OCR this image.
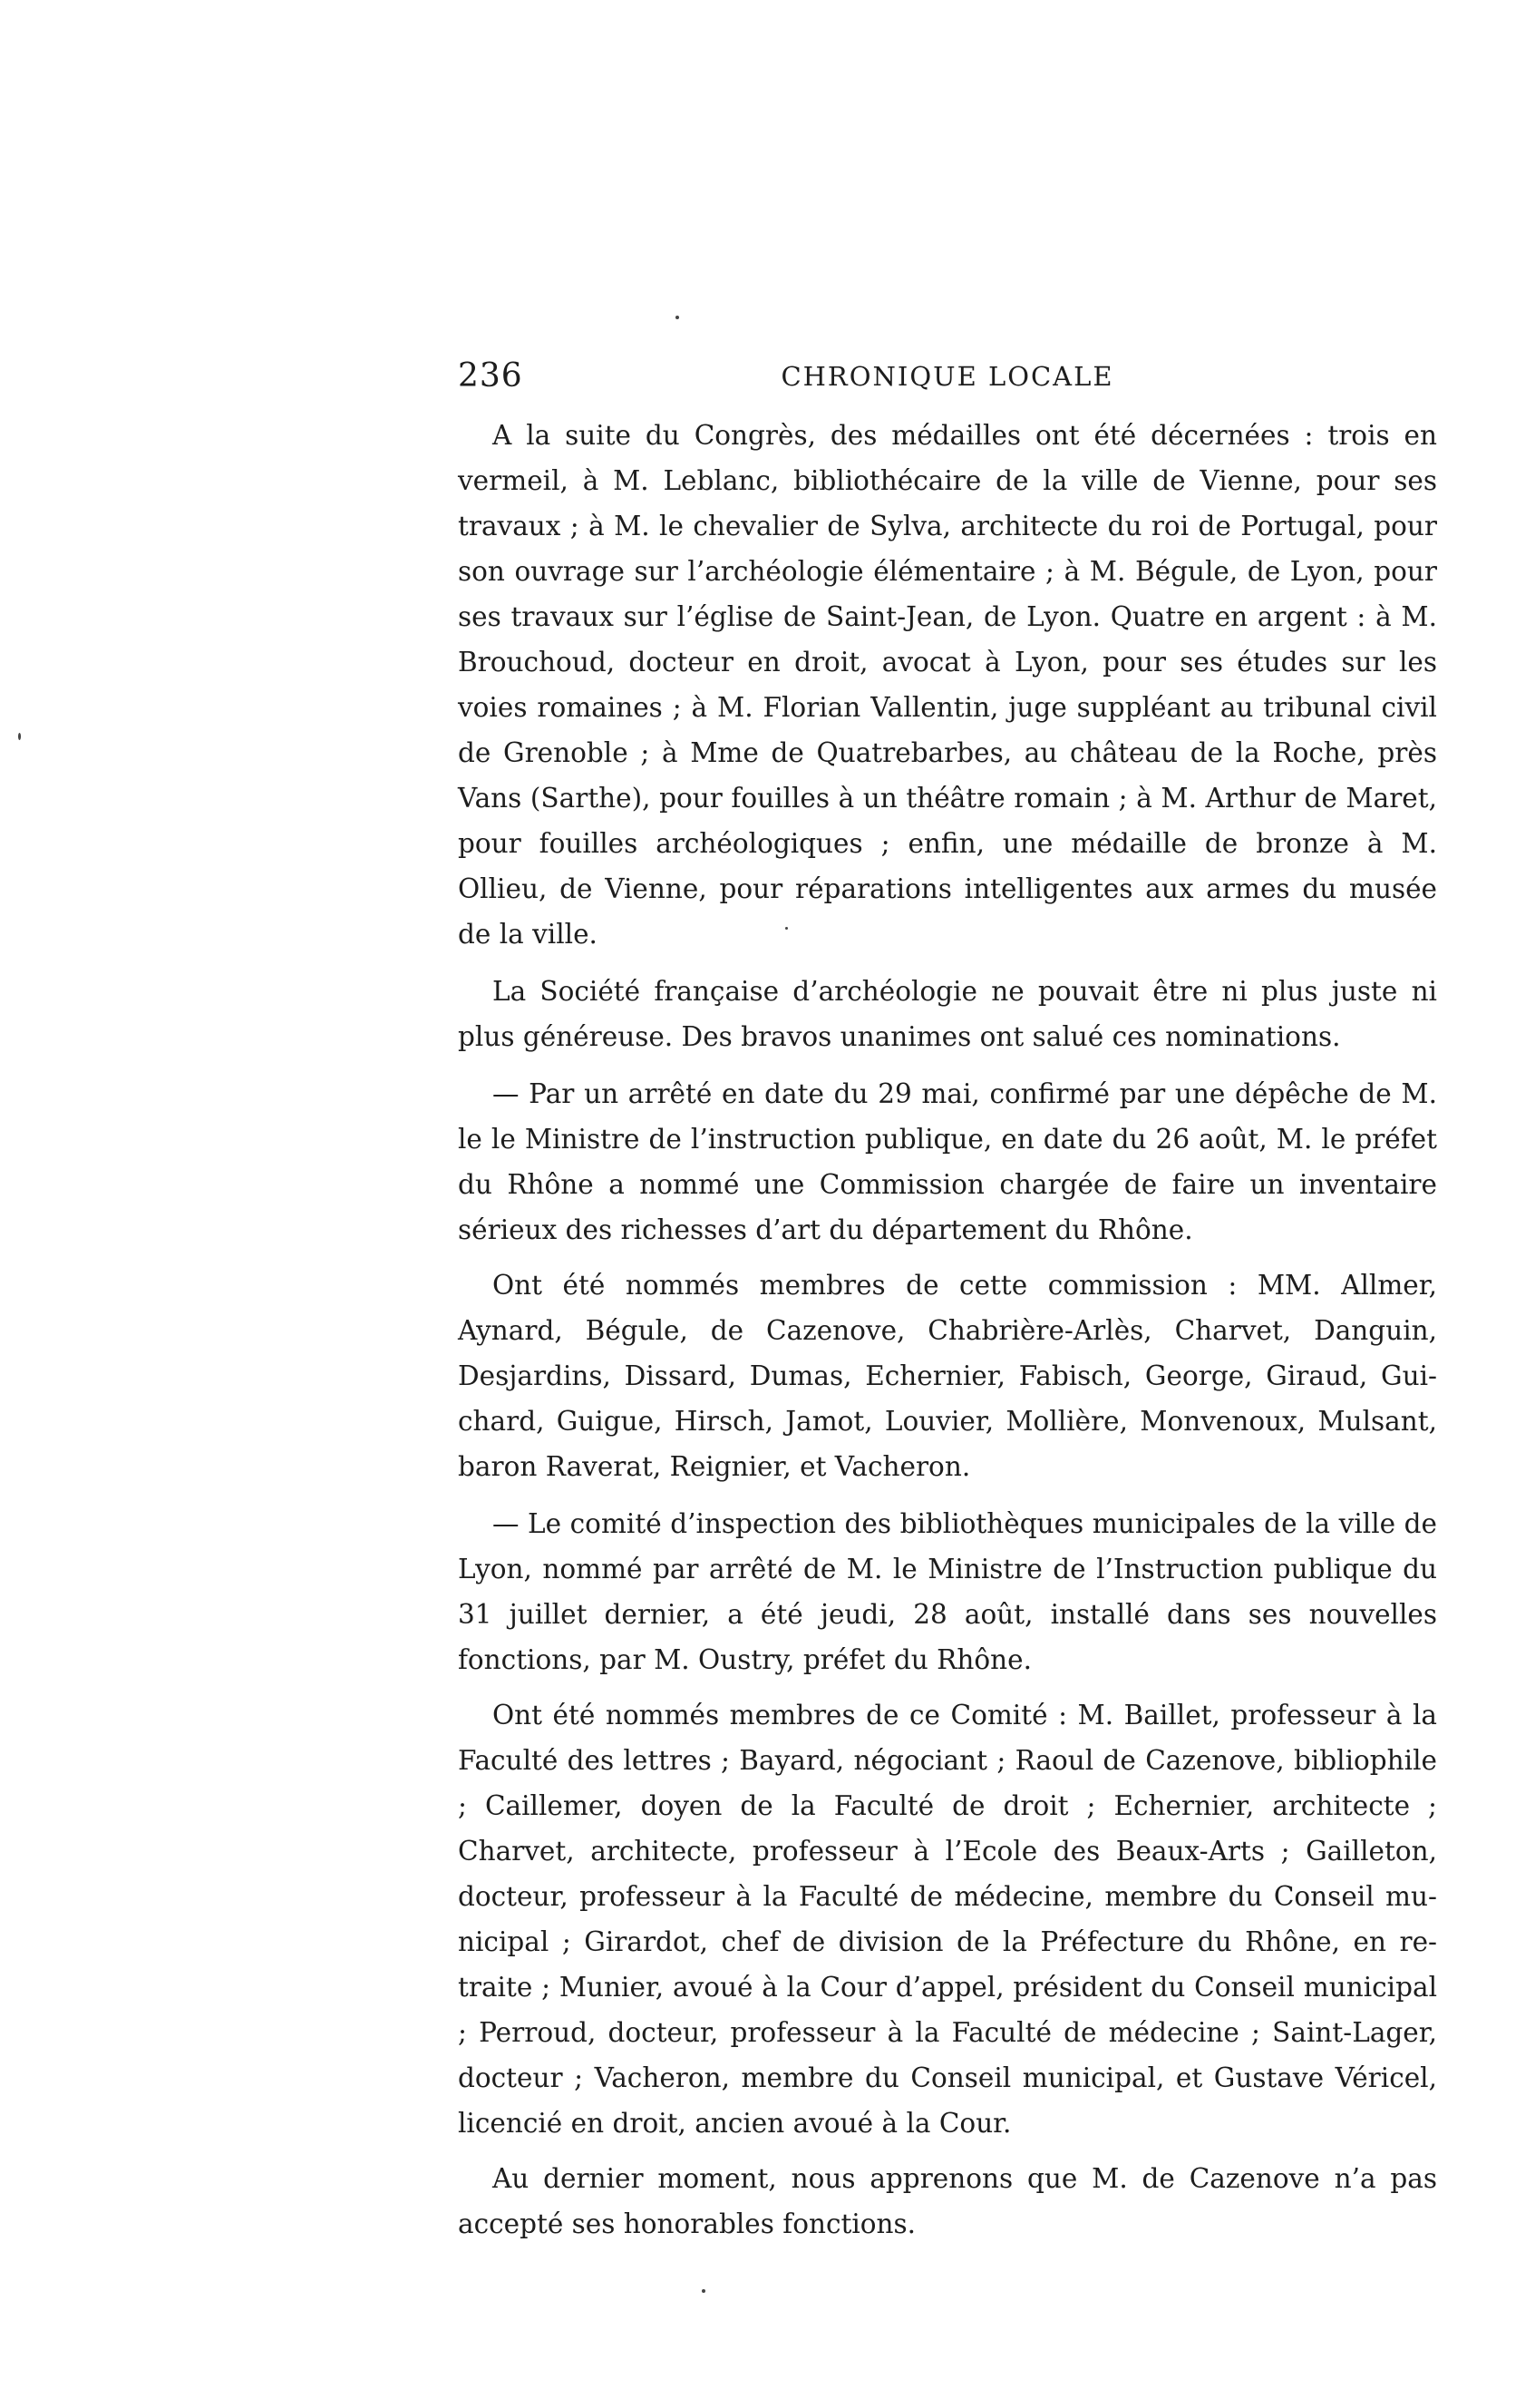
236	CHRONIQUE LOCALE

A la suite du Congrès, des médailles ont été décernées : trois en vermeil, à M. Leblanc, bibliothécaire de la ville de Vienne, pour ses travaux ; à M. le chevalier de Sylva, architecte du roi de Portugal, pour son ouvrage sur l’archéologie élémentaire ; à M. Bégule, de Lyon, pour ses travaux sur l’église de Saint-Jean, de Lyon. Quatre en argent : à M. Brouchoud, docteur en droit, avocat à Lyon, pour ses études sur les voies romaines ; à M. Florian Vallentin, juge suppléant au tribunal civil de Grenoble ; à Mme de Quatrebarbes, au château de la Roche, près Vans (Sarthe), pour fouilles à un théâtre romain ; à M. Arthur de Maret, pour fouilles archéologiques ; enfin, une médaille de bronze à M. Ollieu, de Vienne, pour réparations intelligentes aux armes du musée de la ville.

La Société française d’archéologie ne pouvait être ni plus juste ni plus généreuse. Des bravos unanimes ont salué ces nominations.

— Par un arrêté en date du 29 mai, confirmé par une dépêche de M. le le Ministre de l’instruction publique, en date du 26 août, M. le préfet du Rhône a nommé une Commission chargée de faire un inventaire sérieux des richesses d’art du département du Rhône.

Ont été nommés membres de cette commission : MM. Allmer, Aynard, Bégule, de Cazenove, Chabrière-Arlès, Charvet, Danguin, Desjardins, Dissard, Dumas, Echernier, Fabisch, George, Giraud, Guichard, Guigue, Hirsch, Jamot, Louvier, Mollière, Monvenoux, Mulsant, baron Raverat, Reignier, et Vacheron.

— Le comité d’inspection des bibliothèques municipales de la ville de Lyon, nommé par arrêté de M. le Ministre de l’Instruction publique du 31 juillet dernier, a été jeudi, 28 août, installé dans ses nouvelles fonctions, par M. Oustry, préfet du Rhône.

Ont été nommés membres de ce Comité : M. Baillet, professeur à la Faculté des lettres ; Bayard, négociant ; Raoul de Cazenove, bibliophile ; Caillemer, doyen de la Faculté de droit ; Echernier, architecte ; Charvet, architecte, professeur à l’Ecole des Beaux-Arts ; Gailleton, docteur, professeur à la Faculté de médecine, membre du Conseil municipal ; Girardot, chef de division de la Préfecture du Rhône, en retraite ; Munier, avoué à la Cour d’appel, président du Conseil municipal ; Perroud, docteur, professeur à la Faculté de médecine ; Saint-Lager, docteur ; Vacheron, membre du Conseil municipal, et Gustave Véricel, licencié en droit, ancien avoué à la Cour.

Au dernier moment, nous apprenons que M. de Cazenove n’a pas accepté ses honorables fonctions.
